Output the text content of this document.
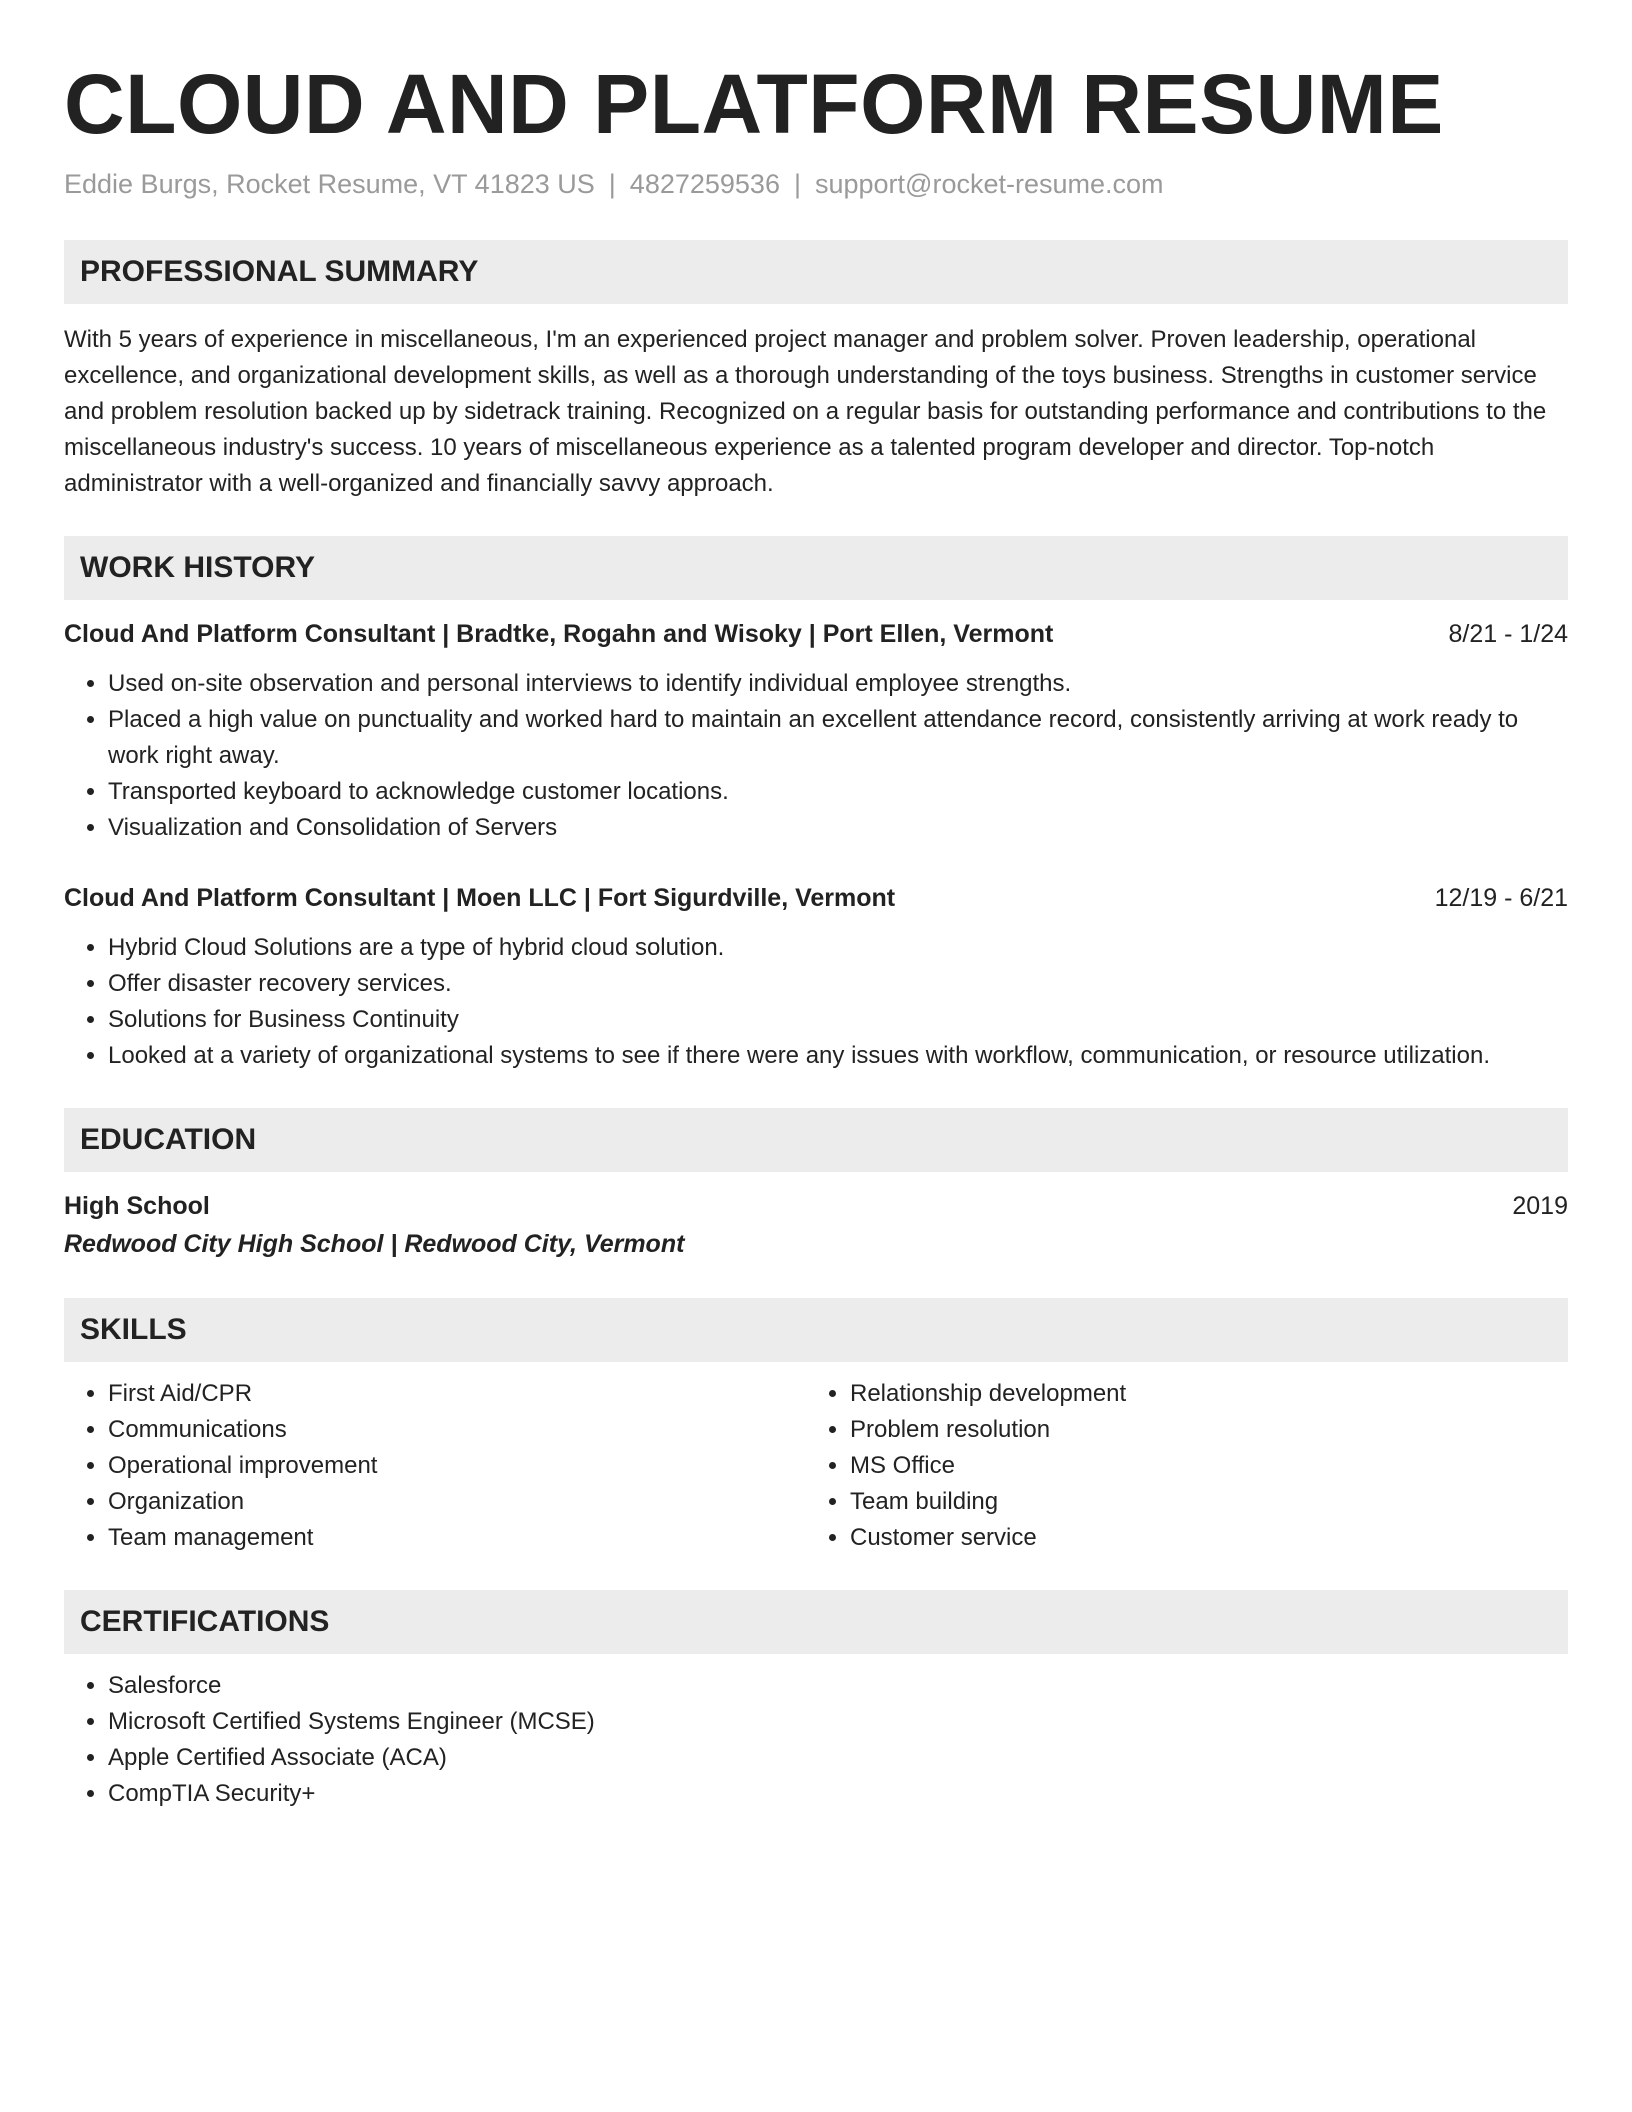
CLOUD AND PLATFORM RESUME
Eddie Burgs, Rocket Resume, VT 41823 US | 4827259536 | support@rocket-resume.com
PROFESSIONAL SUMMARY
With 5 years of experience in miscellaneous, I'm an experienced project manager and problem solver. Proven leadership, operational excellence, and organizational development skills, as well as a thorough understanding of the toys business. Strengths in customer service and problem resolution backed up by sidetrack training. Recognized on a regular basis for outstanding performance and contributions to the miscellaneous industry's success. 10 years of miscellaneous experience as a talented program developer and director. Top-notch administrator with a well-organized and financially savvy approach.
WORK HISTORY
Cloud And Platform Consultant | Bradtke, Rogahn and Wisoky | Port Ellen, Vermont	8/21 - 1/24
• Used on-site observation and personal interviews to identify individual employee strengths.
• Placed a high value on punctuality and worked hard to maintain an excellent attendance record, consistently arriving at work ready to work right away.
• Transported keyboard to acknowledge customer locations.
• Visualization and Consolidation of Servers
Cloud And Platform Consultant | Moen LLC | Fort Sigurdville, Vermont	12/19 - 6/21
• Hybrid Cloud Solutions are a type of hybrid cloud solution.
• Offer disaster recovery services.
• Solutions for Business Continuity
• Looked at a variety of organizational systems to see if there were any issues with workflow, communication, or resource utilization.
EDUCATION
High School	2019
Redwood City High School | Redwood City, Vermont
SKILLS
• First Aid/CPR
• Communications
• Operational improvement
• Organization
• Team management
• Relationship development
• Problem resolution
• MS Office
• Team building
• Customer service
CERTIFICATIONS
• Salesforce
• Microsoft Certified Systems Engineer (MCSE)
• Apple Certified Associate (ACA)
• CompTIA Security+
